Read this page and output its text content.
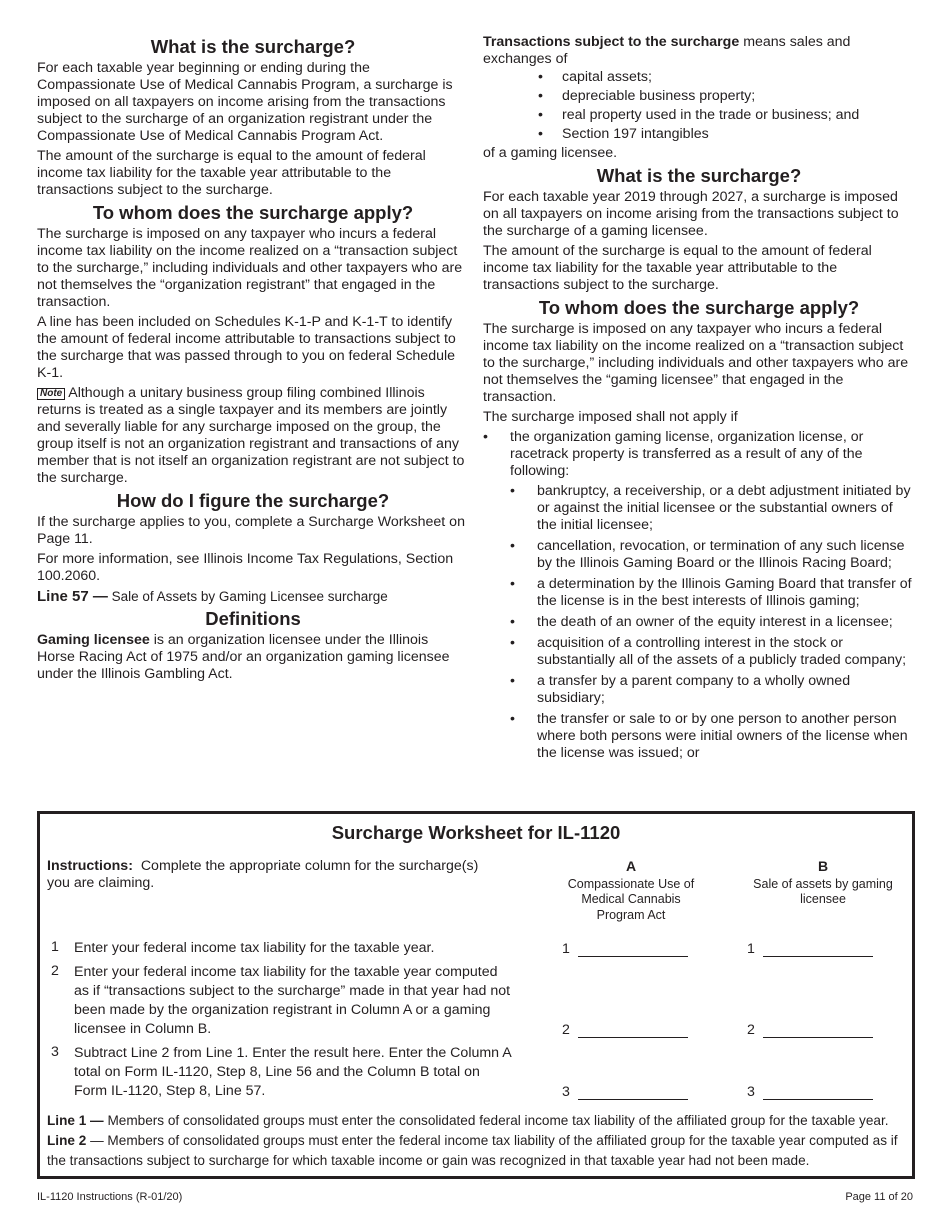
What is the surcharge?

For each taxable year beginning or ending during the Compassionate Use of Medical Cannabis Program, a surcharge is imposed on all taxpayers on income arising from the transactions subject to the surcharge of an organization registrant under the Compassionate Use of Medical Cannabis Program Act.

The amount of the surcharge is equal to the amount of federal income tax liability for the taxable year attributable to the transactions subject to the surcharge.

To whom does the surcharge apply?

The surcharge is imposed on any taxpayer who incurs a federal income tax liability on the income realized on a “transaction subject to the surcharge,” including individuals and other taxpayers who are not themselves the “organization registrant” that engaged in the transaction.

A line has been included on Schedules K-1-P and K-1-T to identify the amount of federal income attributable to transactions subject to the surcharge that was passed through to you on federal Schedule K-1.

Note Although a unitary business group filing combined Illinois returns is treated as a single taxpayer and its members are jointly and severally liable for any surcharge imposed on the group, the group itself is not an organization registrant and transactions of any member that is not itself an organization registrant are not subject to the surcharge.

How do I figure the surcharge?

If the surcharge applies to you, complete a Surcharge Worksheet on Page 11.

For more information, see Illinois Income Tax Regulations, Section 100.2060.

Line 57 — Sale of Assets by Gaming Licensee surcharge

Definitions

Gaming licensee is an organization licensee under the Illinois Horse Racing Act of 1975 and/or an organization gaming licensee under the Illinois Gambling Act.

Transactions subject to the surcharge means sales and exchanges of

• capital assets;
• depreciable business property;
• real property used in the trade or business; and
• Section 197 intangibles

of a gaming licensee.

What is the surcharge?

For each taxable year 2019 through 2027, a surcharge is imposed on all taxpayers on income arising from the transactions subject to the surcharge of a gaming licensee.

The amount of the surcharge is equal to the amount of federal income tax liability for the taxable year attributable to the transactions subject to the surcharge.

To whom does the surcharge apply?

The surcharge is imposed on any taxpayer who incurs a federal income tax liability on the income realized on a “transaction subject to the surcharge,” including individuals and other taxpayers who are not themselves the “gaming licensee” that engaged in the transaction.

The surcharge imposed shall not apply if

• the organization gaming license, organization license, or racetrack property is transferred as a result of any of the following:
• bankruptcy, a receivership, or a debt adjustment initiated by or against the initial licensee or the substantial owners of the initial licensee;
• cancellation, revocation, or termination of any such license by the Illinois Gaming Board or the Illinois Racing Board;
• a determination by the Illinois Gaming Board that transfer of the license is in the best interests of Illinois gaming;
• the death of an owner of the equity interest in a licensee;
• acquisition of a controlling interest in the stock or substantially all of the assets of a publicly traded company;
• a transfer by a parent company to a wholly owned subsidiary;
• the transfer or sale to or by one person to another person where both persons were initial owners of the license when the license was issued; or
Surcharge Worksheet for IL-1120
Instructions: Complete the appropriate column for the surcharge(s) you are claiming.
A
Compassionate Use of Medical Cannabis Program Act
B
Sale of assets by gaming licensee
1 Enter your federal income tax liability for the taxable year.	1	1
2 Enter your federal income tax liability for the taxable year computed as if “transactions subject to the surcharge” made in that year had not been made by the organization registrant in Column A or a gaming licensee in Column B.	2	2
3 Subtract Line 2 from Line 1. Enter the result here. Enter the Column A total on Form IL-1120, Step 8, Line 56 and the Column B total on Form IL-1120, Step 8, Line 57.	3	3
Line 1 — Members of consolidated groups must enter the consolidated federal income tax liability of the affiliated group for the taxable year.
Line 2 — Members of consolidated groups must enter the federal income tax liability of the affiliated group for the taxable year computed as if the transactions subject to surcharge for which taxable income or gain was recognized in that taxable year had not been made.
IL-1120 Instructions (R-01/20)	Page 11 of 20
